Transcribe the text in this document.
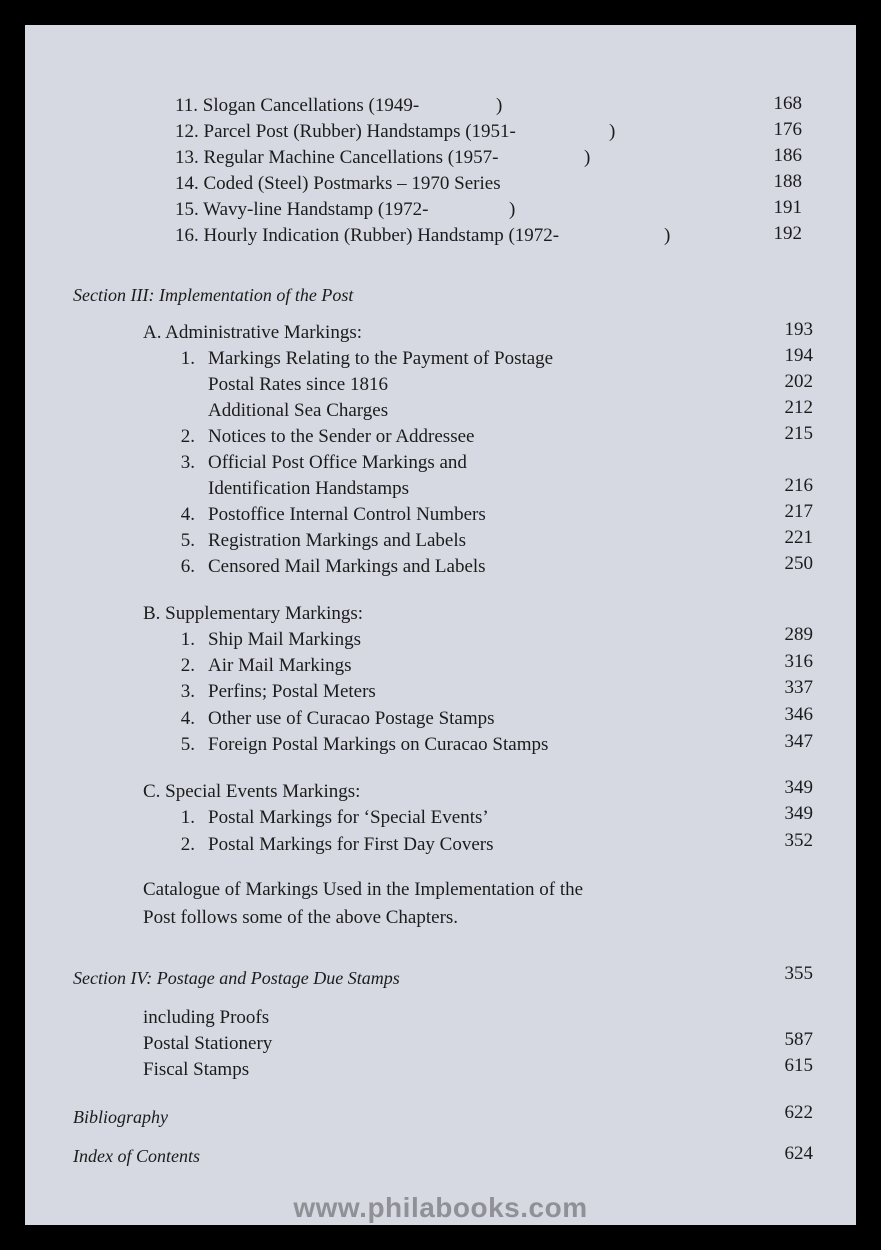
11. Slogan Cancellations (1949-	)	168
12. Parcel Post (Rubber) Handstamps (1951-	)	176
13. Regular Machine Cancellations (1957-	)	186
14. Coded (Steel) Postmarks – 1970 Series	188
15. Wavy-line Handstamp (1972-	)	191
16. Hourly Indication (Rubber) Handstamp (1972-	)	192
Section III: Implementation of the Post
A. Administrative Markings:	193
1. Markings Relating to the Payment of Postage	194
Postal Rates since 1816	202
Additional Sea Charges	212
2. Notices to the Sender or Addressee	215
3. Official Post Office Markings and
Identification Handstamps	216
4. Postoffice Internal Control Numbers	217
5. Registration Markings and Labels	221
6. Censored Mail Markings and Labels	250
B. Supplementary Markings:
1. Ship Mail Markings	289
2. Air Mail Markings	316
3. Perfins; Postal Meters	337
4. Other use of Curacao Postage Stamps	346
5. Foreign Postal Markings on Curacao Stamps	347
C. Special Events Markings:	349
1. Postal Markings for ‘Special Events’	349
2. Postal Markings for First Day Covers	352
Catalogue of Markings Used in the Implementation of the
Post follows some of the above Chapters.
Section IV: Postage and Postage Due Stamps	355
including Proofs
Postal Stationery	587
Fiscal Stamps	615
Bibliography	622
Index of Contents	624
www.philabooks.com
